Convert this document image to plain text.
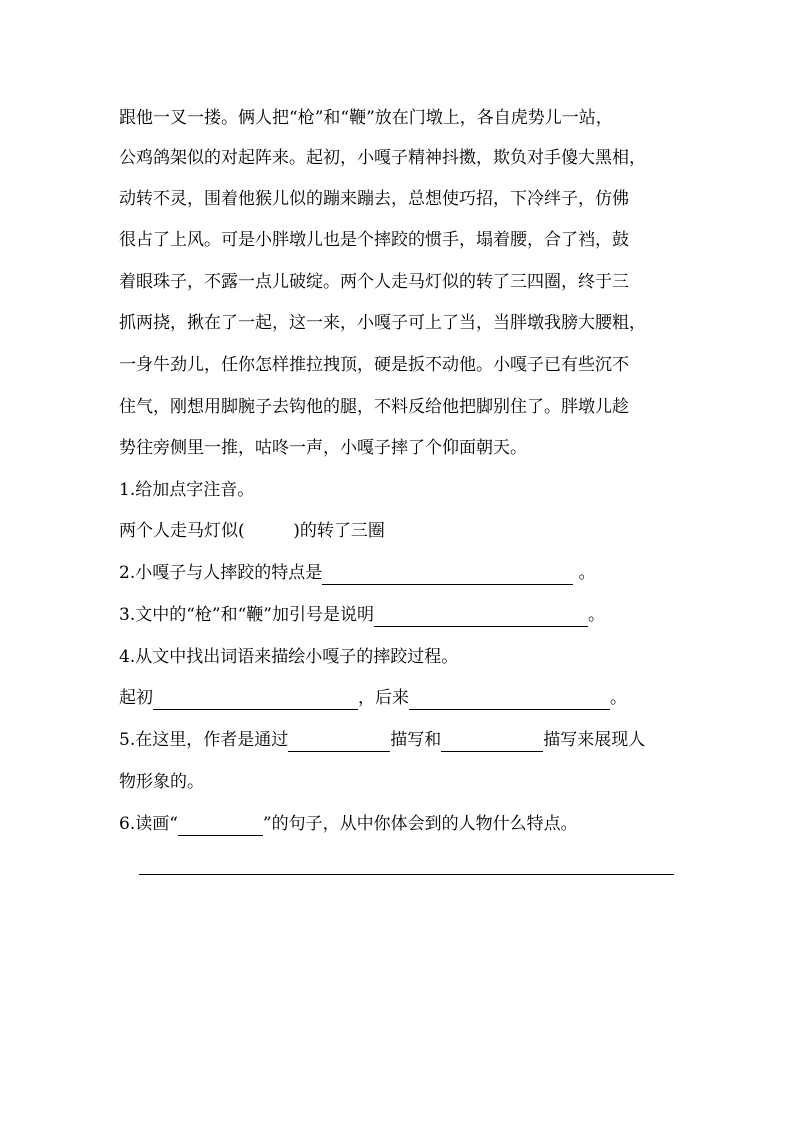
跟他一叉一搂。俩人把“枪”和“鞭”放在门墩上，各自虎势儿一站，
公鸡鸽架似的对起阵来。起初，小嘎子精神抖擞，欺负对手傻大黑相，
动转不灵，围着他猴儿似的蹦来蹦去，总想使巧招，下冷绊子，仿佛
很占了上风。可是小胖墩儿也是个摔跤的惯手，塌着腰，合了裆，鼓
着眼珠子，不露一点儿破绽。两个人走马灯似的转了三四圈，终于三
抓两挠，揪在了一起，这一来，小嘎子可上了当，当胖墩我膀大腰粗，
一身牛劲儿，任你怎样推拉拽顶，硬是扳不动他。小嘎子已有些沉不
住气，刚想用脚腕子去钩他的腿，不料反给他把脚别住了。胖墩儿趁
势往旁侧里一推，咕咚一声，小嘎子摔了个仰面朝天。
1.给加点字注音。
两个人走马灯似(	)的转了三圈
2.小嘎子与人摔跤的特点是	。
3.文中的“枪”和“鞭”加引号是说明	。
4.从文中找出词语来描绘小嘎子的摔跤过程。
起初	，后来	。
5.在这里，作者是通过	描写和	描写来展现人
物形象的。
6.读画“	”的句子，从中你体会到的人物什么特点。
